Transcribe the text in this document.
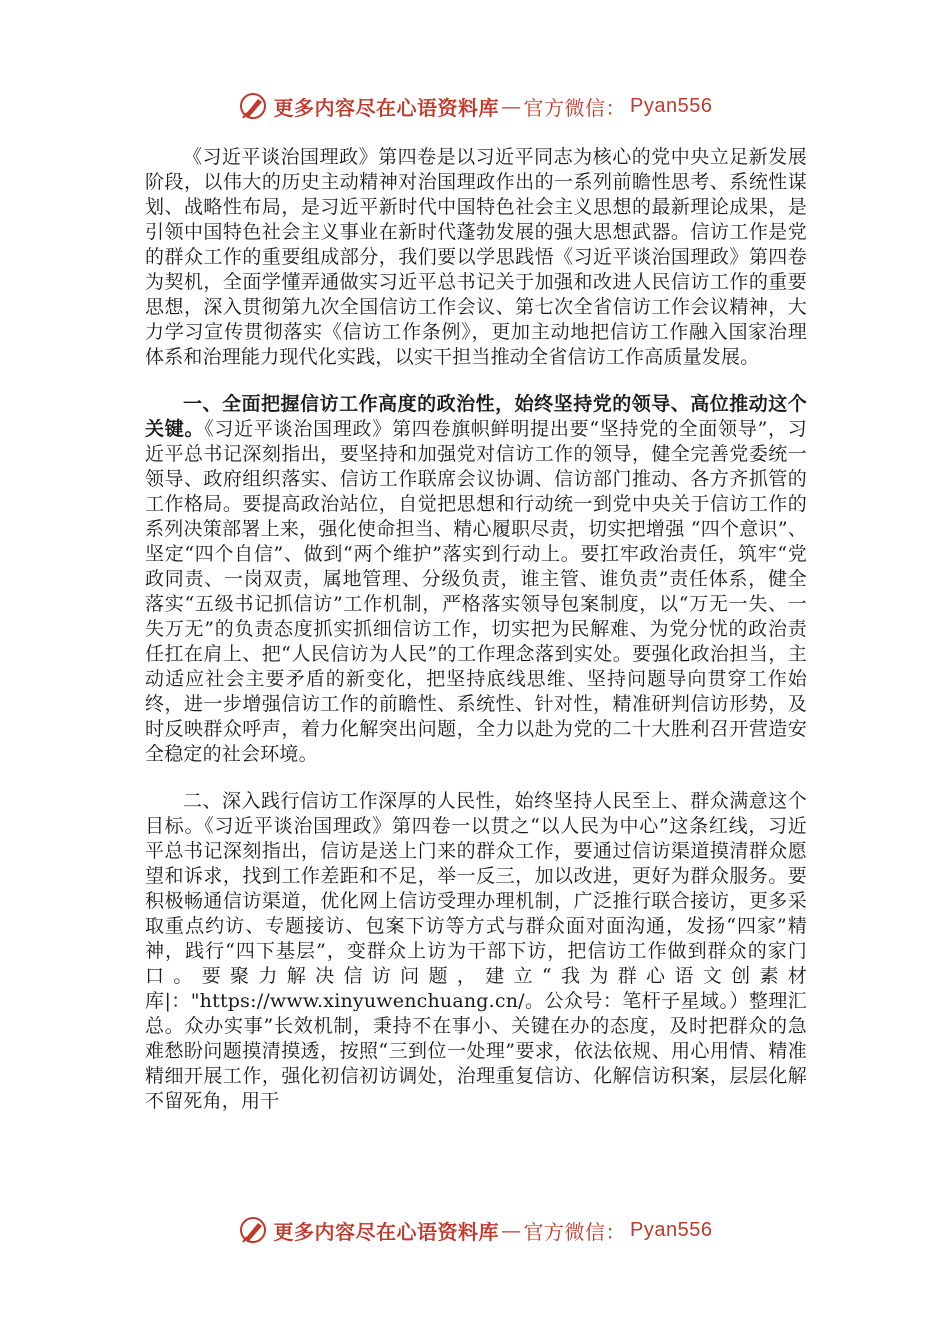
更多内容尽在心语资料库 — 官方微信： Pyan556

《习近平谈治国理政》第四卷是以习近平同志为核心的党中央立足新发展阶段，以伟大的历史主动精神对治国理政作出的一系列前瞻性思考、系统性谋划、战略性布局，是习近平新时代中国特色社会主义思想的最新理论成果，是引领中国特色社会主义事业在新时代蓬勃发展的强大思想武器。信访工作是党的群众工作的重要组成部分，我们要以学思践悟《习近平谈治国理政》第四卷为契机，全面学懂弄通做实习近平总书记关于加强和改进人民信访工作的重要思想，深入贯彻第九次全国信访工作会议、第七次全省信访工作会议精神，大力学习宣传贯彻落实《信访工作条例》，更加主动地把信访工作融入国家治理体系和治理能力现代化实践，以实干担当推动全省信访工作高质量发展。

一、全面把握信访工作高度的政治性，始终坚持党的领导、高位推动这个关键。《习近平谈治国理政》第四卷旗帜鲜明提出要“坚持党的全面领导”，习近平总书记深刻指出，要坚持和加强党对信访工作的领导，健全完善党委统一领导、政府组织落实、信访工作联席会议协调、信访部门推动、各方齐抓管的工作格局。要提高政治站位，自觉把思想和行动统一到党中央关于信访工作的系列决策部署上来，强化使命担当、精心履职尽责，切实把增强 “四个意识”、坚定“四个自信”、做到“两个维护”落实到行动上。要扛牢政治责任，筑牢“党政同责、一岗双责，属地管理、分级负责，谁主管、谁负责”责任体系，健全落实“五级书记抓信访”工作机制，严格落实领导包案制度，以“万无一失、一失万无”的负责态度抓实抓细信访工作，切实把为民解难、为党分忧的政治责任扛在肩上、把“人民信访为人民”的工作理念落到实处。要强化政治担当，主动适应社会主要矛盾的新变化，把坚持底线思维、坚持问题导向贯穿工作始终，进一步增强信访工作的前瞻性、系统性、针对性，精准研判信访形势，及时反映群众呼声，着力化解突出问题，全力以赴为党的二十大胜利召开营造安全稳定的社会环境。

二、深入践行信访工作深厚的人民性，始终坚持人民至上、群众满意这个目标。《习近平谈治国理政》第四卷一以贯之“以人民为中心”这条红线，习近平总书记深刻指出，信访是送上门来的群众工作，要通过信访渠道摸清群众愿望和诉求，找到工作差距和不足，举一反三，加以改进，更好为群众服务。要积极畅通信访渠道，优化网上信访受理办理机制，广泛推行联合接访，更多采取重点约访、专题接访、包案下访等方式与群众面对面沟通，发扬“四家”精神，践行“四下基层”，变群众上访为干部下访，把信访工作做到群众的家门口。要聚力解决信访问题，建立“我为群心语文创素材库|："https://www.xinyuwenchuang.cn/。公众号：笔杆子星域。）整理汇总。众办实事”长效机制，秉持不在事小、关键在办的态度，及时把群众的急难愁盼问题摸清摸透，按照“三到位一处理”要求，依法依规、用心用情、精准精细开展工作，强化初信初访调处，治理重复信访、化解信访积案，层层化解不留死角，用干

更多内容尽在心语资料库 — 官方微信： Pyan556
